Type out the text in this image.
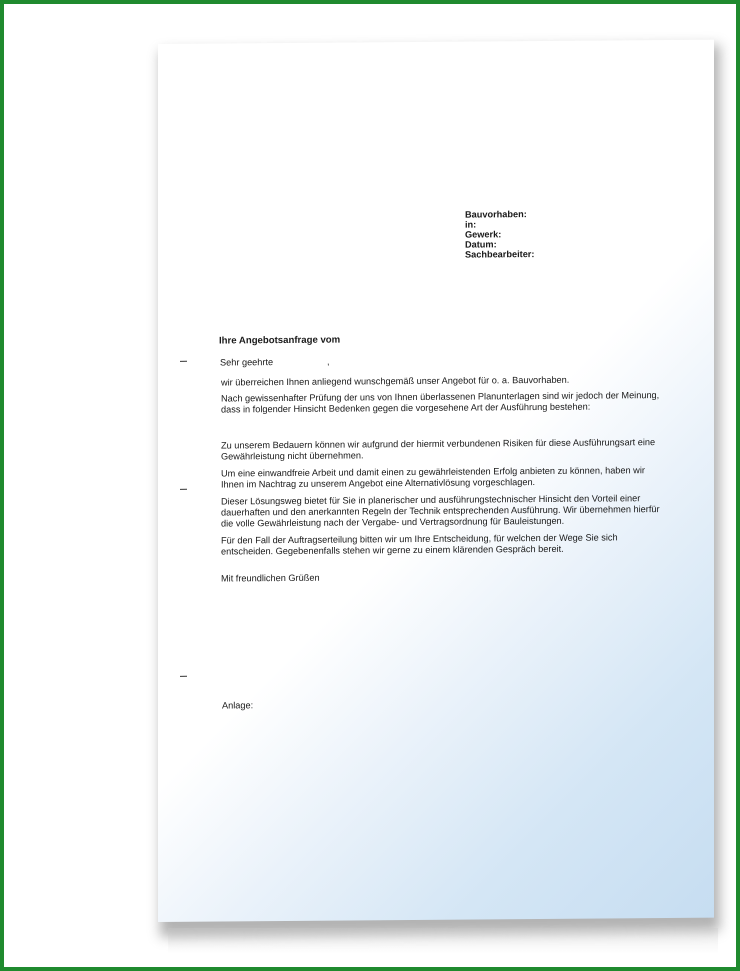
Bauvorhaben:
in:
Gewerk:
Datum:
Sachbearbeiter:
Ihre Angebotsanfrage vom
Sehr geehrte	,
wir überreichen Ihnen anliegend wunschgemäß unser Angebot für o. a. Bauvorhaben.
Nach gewissenhafter Prüfung der uns von Ihnen überlassenen Planunterlagen sind wir jedoch der Meinung,
dass in folgender Hinsicht Bedenken gegen die vorgesehene Art der Ausführung bestehen:
Zu unserem Bedauern können wir aufgrund der hiermit verbundenen Risiken für diese Ausführungsart eine
Gewährleistung nicht übernehmen.
Um eine einwandfreie Arbeit und damit einen zu gewährleistenden Erfolg anbieten zu können, haben wir
Ihnen im Nachtrag zu unserem Angebot eine Alternativlösung vorgeschlagen.
Dieser Lösungsweg bietet für Sie in planerischer und ausführungstechnischer Hinsicht den Vorteil einer
dauerhaften und den anerkannten Regeln der Technik entsprechenden Ausführung. Wir übernehmen hierfür
die volle Gewährleistung nach der Vergabe- und Vertragsordnung für Bauleistungen.
Für den Fall der Auftragserteilung bitten wir um Ihre Entscheidung, für welchen der Wege Sie sich
entscheiden. Gegebenenfalls stehen wir gerne zu einem klärenden Gespräch bereit.
Mit freundlichen Grüßen
Anlage:
